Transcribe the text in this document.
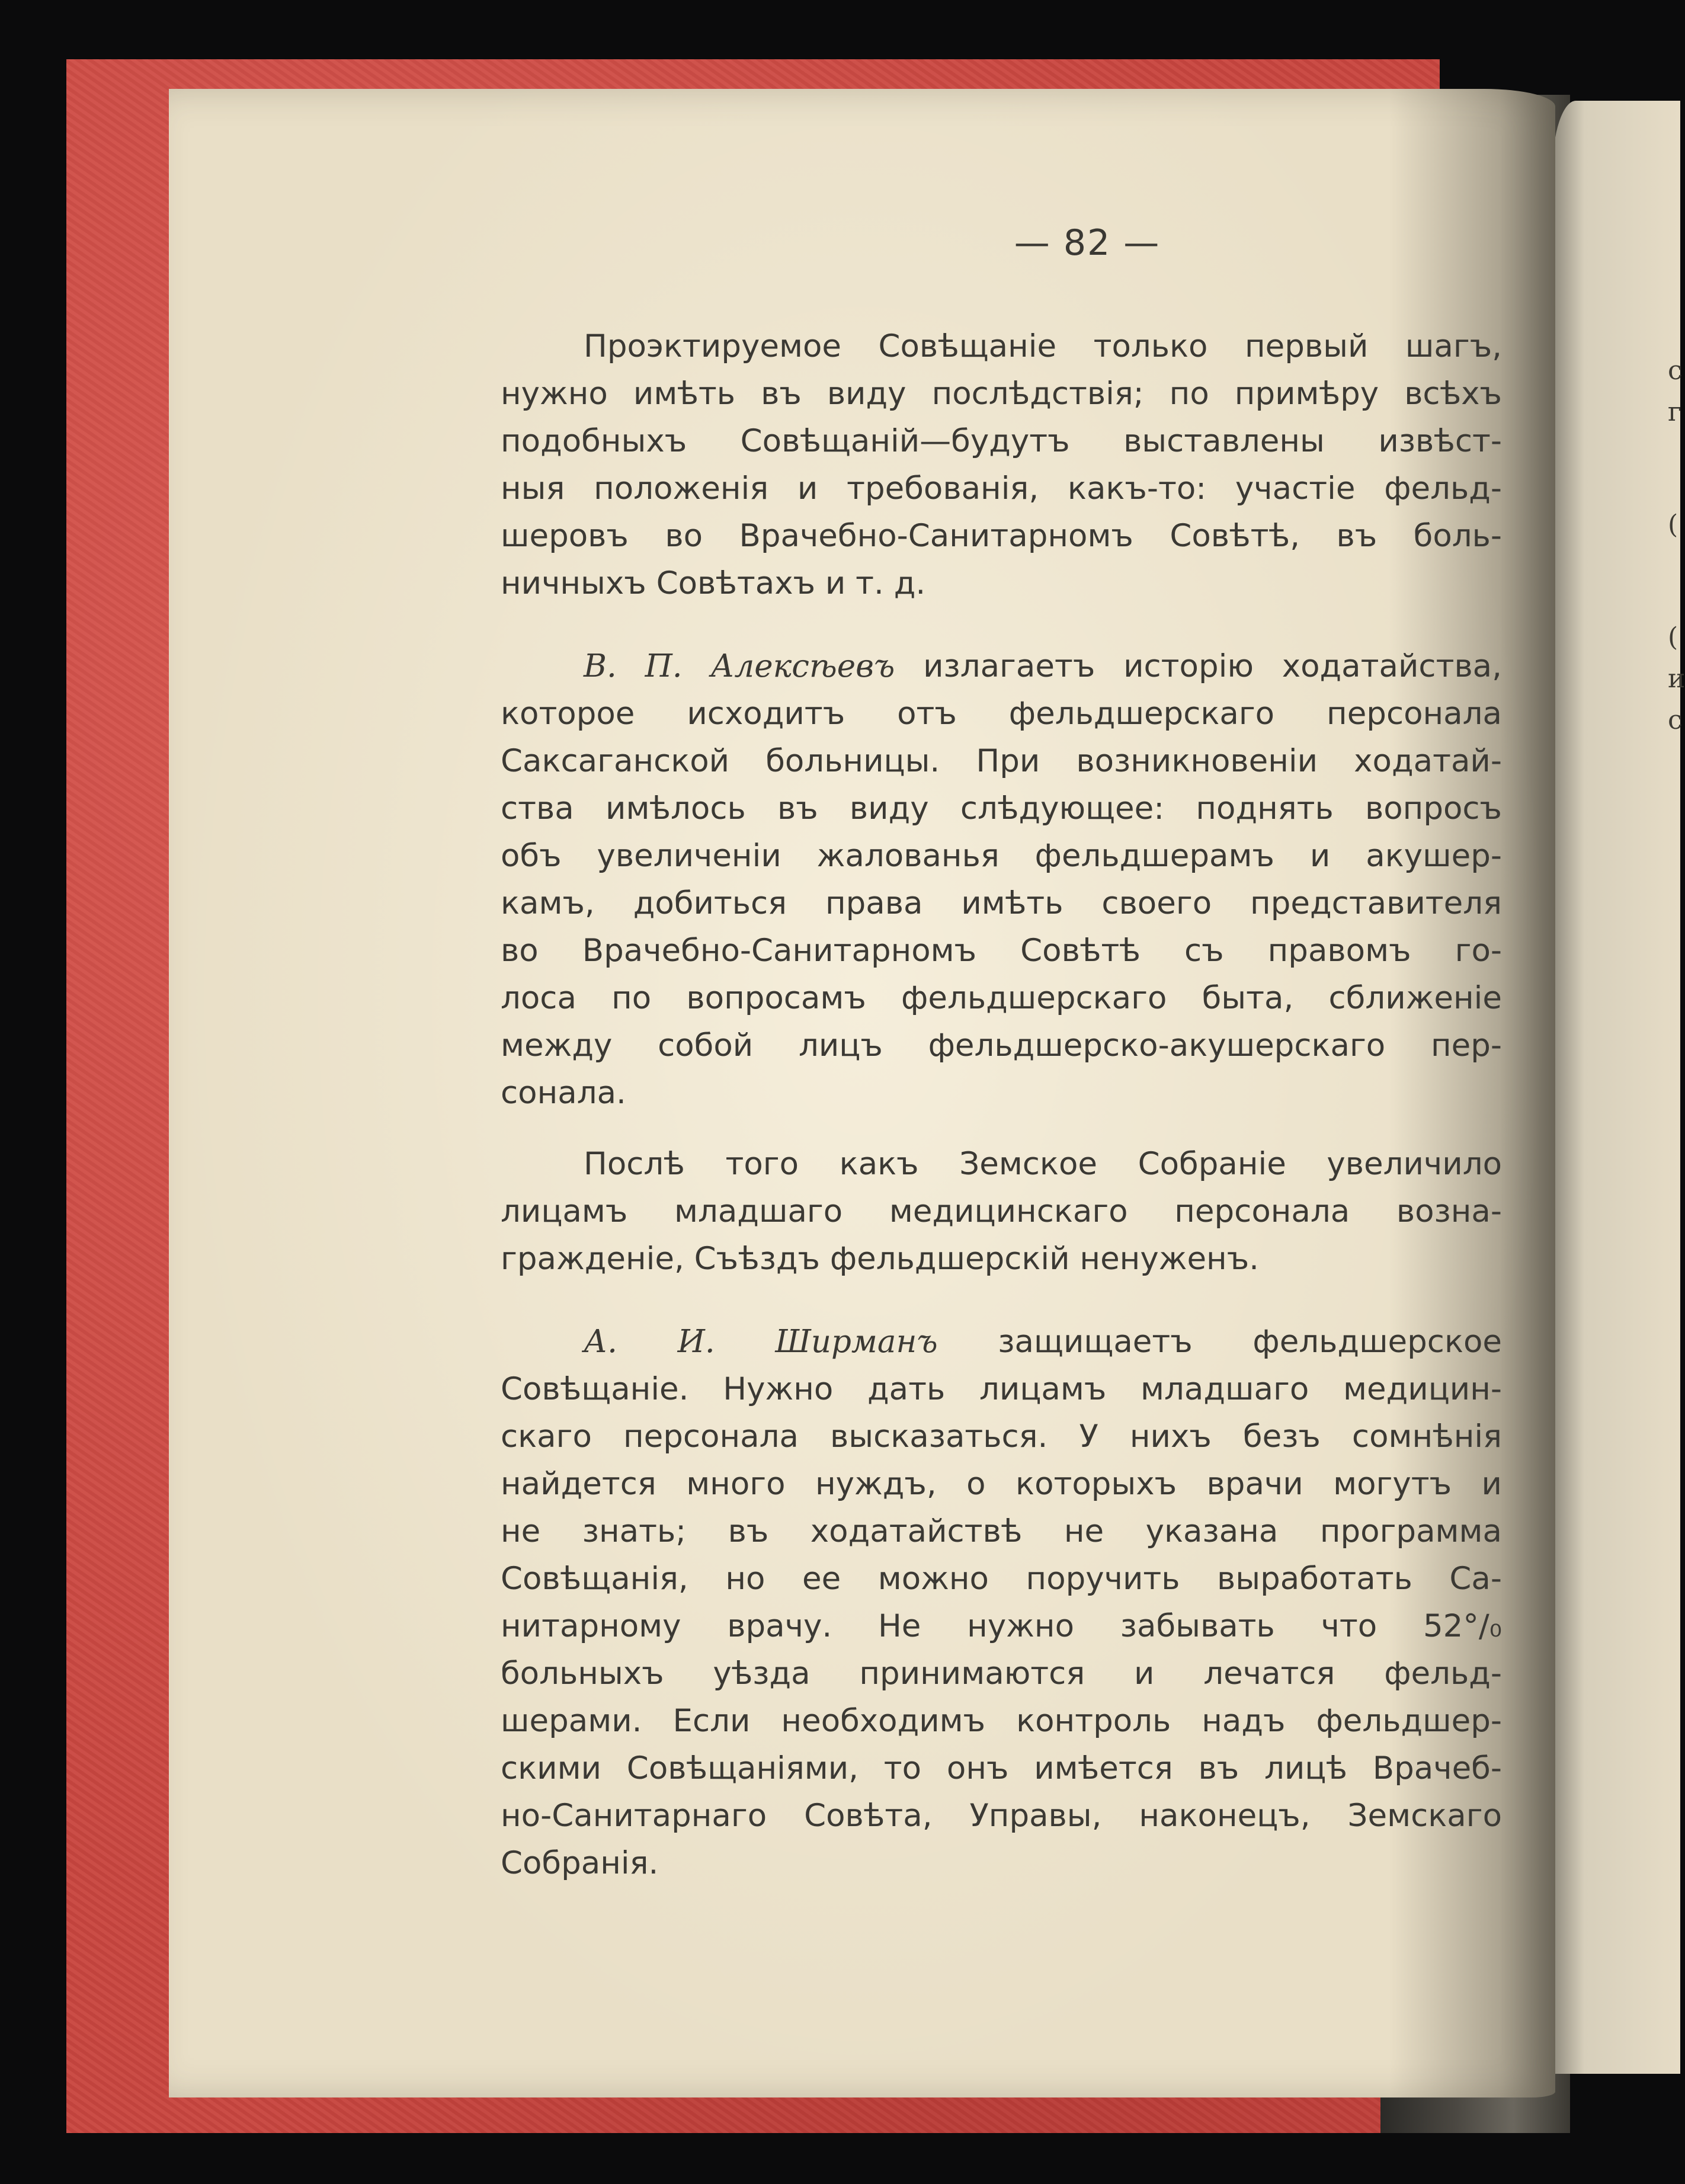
с
г
(
(
и
с
— 82 —
Проэктируемое Совѣщаніе только первый шагъ,
нужно имѣть въ виду послѣдствія; по примѣру всѣхъ
подобныхъ Совѣщаній—будутъ выставлены извѣст-
ныя положенія и требованія, какъ-то: участіе фельд-
шеровъ во Врачебно-Санитарномъ Совѣтѣ, въ боль-
ничныхъ Совѣтахъ и т. д.
В. П. Алексѣевъ излагаетъ исторію ходатайства,
которое исходитъ отъ фельдшерскаго персонала
Саксаганской больницы. При возникновеніи ходатай-
ства имѣлось въ виду слѣдующее: поднять вопросъ
объ увеличеніи жалованья фельдшерамъ и акушер-
камъ, добиться права имѣть своего представителя
во Врачебно-Санитарномъ Совѣтѣ съ правомъ го-
лоса по вопросамъ фельдшерскаго быта, сближеніе
между собой лицъ фельдшерско-акушерскаго пер-
сонала.
Послѣ того какъ Земское Собраніе увеличило
лицамъ младшаго медицинскаго персонала возна-
гражденіе, Съѣздъ фельдшерскій ненуженъ.
А. И. Ширманъ защищаетъ фельдшерское
Совѣщаніе. Нужно дать лицамъ младшаго медицин-
скаго персонала высказаться. У нихъ безъ сомнѣнія
найдется много нуждъ, о которыхъ врачи могутъ и
не знать; въ ходатайствѣ не указана программа
Совѣщанія, но ее можно поручить выработать Са-
нитарному врачу. Не нужно забывать что 52°/₀
больныхъ уѣзда принимаются и лечатся фельд-
шерами. Если необходимъ контроль надъ фельдшер-
скими Совѣщаніями, то онъ имѣется въ лицѣ Врачеб-
но-Санитарнаго Совѣта, Управы, наконецъ, Земскаго
Собранія.
